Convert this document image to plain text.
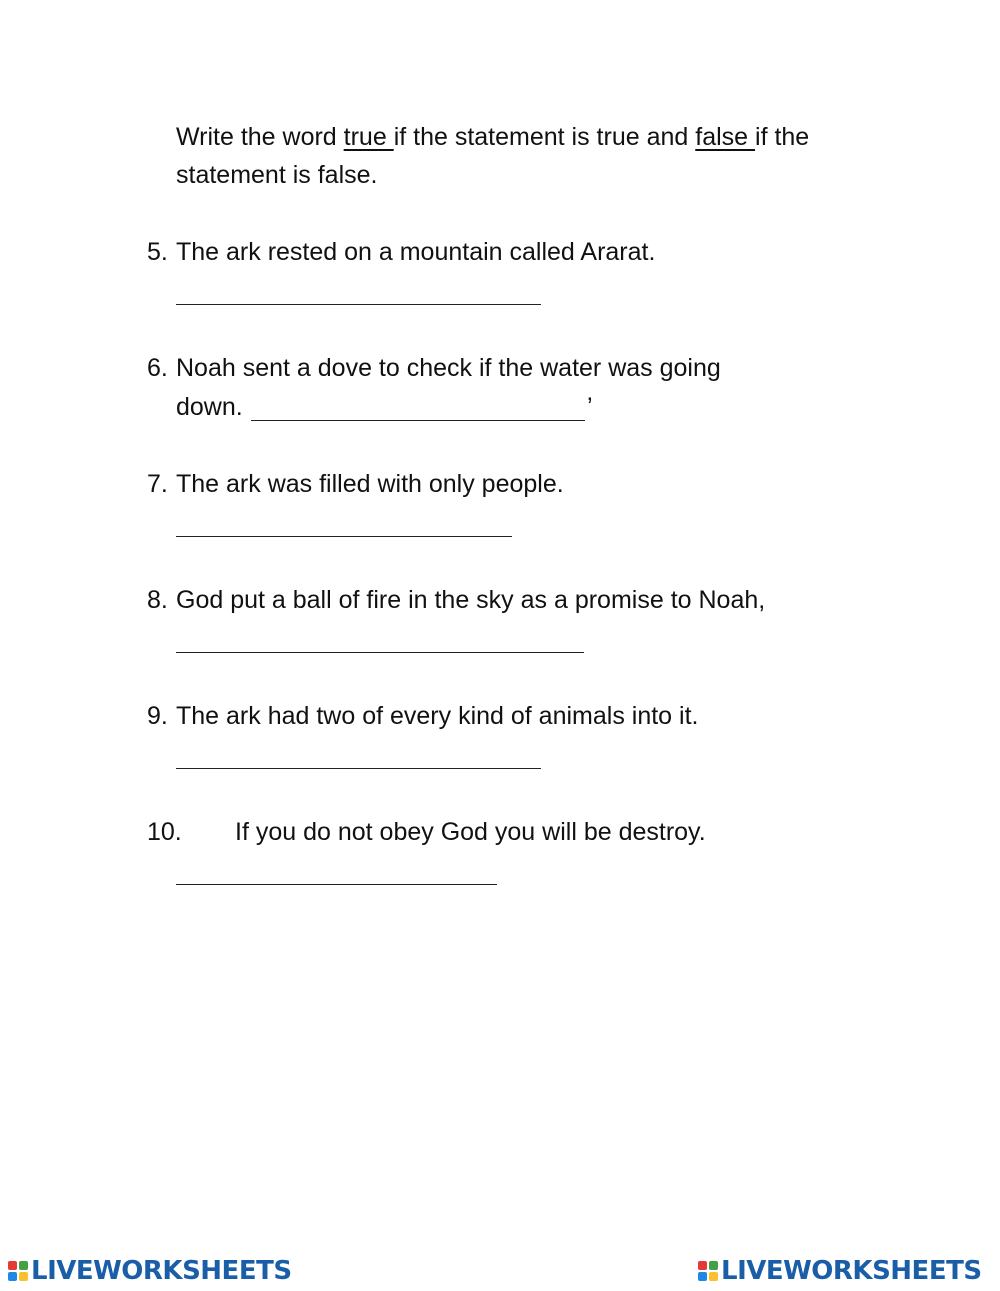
Write the word true if the statement is true and false if the statement is false.
5. The ark rested on a mountain called Ararat.
6. Noah sent a dove to check if the water was going
down.	’
7. The ark was filled with only people.
8. God put a ball of fire in the sky as a promise to Noah,
9. The ark had two of every kind of animals into it.
10. If you do not obey God you will be destroy.
LIVEWORKSHEETS	LIVEWORKSHEETS
